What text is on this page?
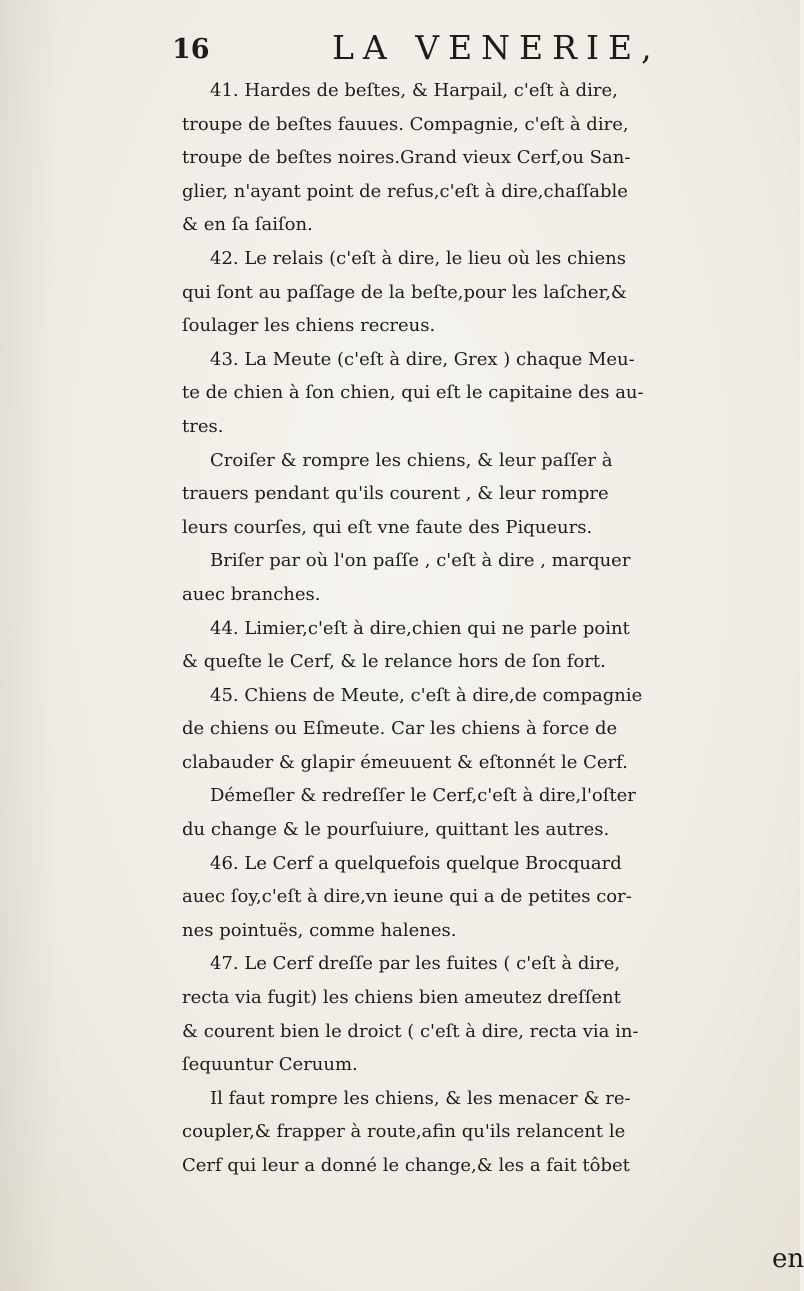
16	LA VENERIE,
41. Hardes de beſtes, & Harpail, c'eſt à dire,
troupe de beſtes fauues. Compagnie, c'eſt à dire,
troupe de beſtes noires.Grand vieux Cerf,ou San-
glier, n'ayant point de refus,c'eſt à dire,chaſſable
& en ſa ſaiſon.
42. Le relais (c'eſt à dire, le lieu où les chiens
qui ſont au paſſage de la beſte,pour les laſcher,&
ſoulager les chiens recreus.
43. La Meute (c'eſt à dire, Grex ) chaque Meu-
te de chien à ſon chien, qui eſt le capitaine des au-
tres.
Croiſer & rompre les chiens, & leur paſſer à
trauers pendant qu'ils courent , & leur rompre
leurs courſes, qui eſt vne faute des Piqueurs.
Briſer par où l'on paſſe , c'eſt à dire , marquer
auec branches.
44. Limier,c'eſt à dire,chien qui ne parle point
& queſte le Cerf, & le relance hors de ſon fort.
45. Chiens de Meute, c'eſt à dire,de compagnie
de chiens ou Eſmeute. Car les chiens à force de
clabauder & glapir émeuuent & eſtonnét le Cerf.
Démeſler & redreſſer le Cerf,c'eſt à dire,l'oſter
du change & le pourſuiure, quittant les autres.
46. Le Cerf a quelquefois quelque Brocquard
auec ſoy,c'eſt à dire,vn ieune qui a de petites cor-
nes pointuës, comme halenes.
47. Le Cerf dreſſe par les fuites ( c'eſt à dire,
recta via fugit) les chiens bien ameutez dreſſent
& courent bien le droict ( c'eſt à dire, recta via in-
ſequuntur Ceruum.
Il faut rompre les chiens, & les menacer & re-
coupler,& frapper à route,afin qu'ils relancent le
Cerf qui leur a donné le change,& les a fait tôbet
en
